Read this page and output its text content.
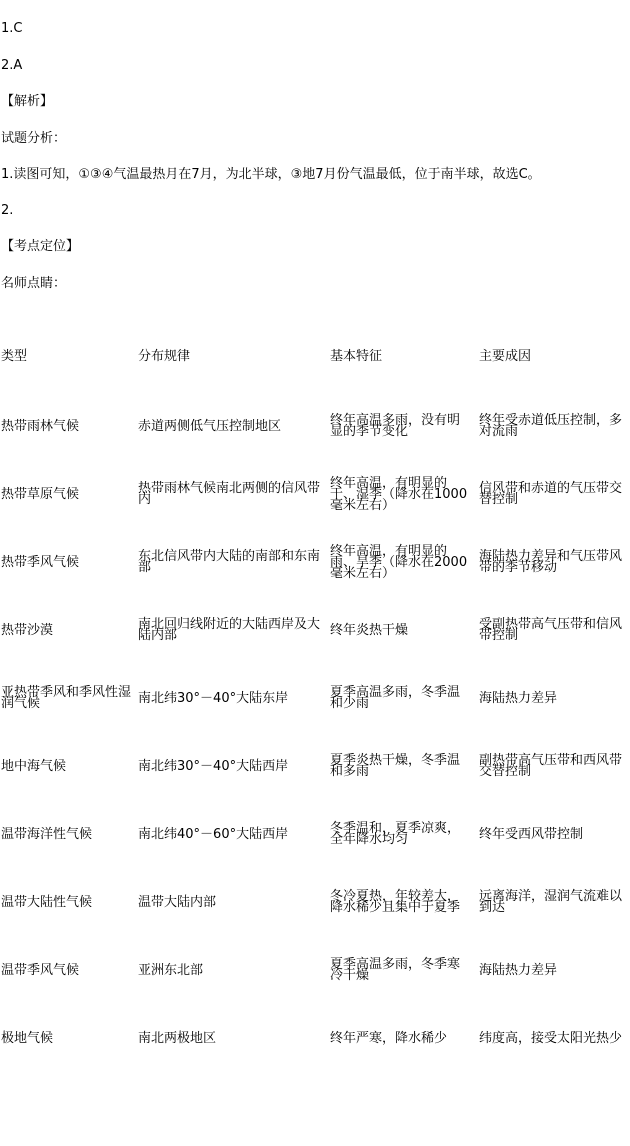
1.C
2.A
【解析】
试题分析：
1.读图可知，①③④气温最热月在7月，为北半球，③地7月份气温最低，位于南半球，故选C。
2.
【考点定位】
名师点睛：
类型	分布规律	基本特征	主要成因
热带雨林气候	赤道两侧低气压控制地区	终年高温多雨，没有明显的季节变化	终年受赤道低压控制，多对流雨
热带草原气候	热带雨林气候南北两侧的信风带内	终年高温，有明显的干、湿季（降水在1000毫米左右）	信风带和赤道的气压带交替控制
热带季风气候	东北信风带内大陆的南部和东南部	终年高温，有明显的雨、旱季（降水在2000毫米左右）	海陆热力差异和气压带风带的季节移动
热带沙漠	南北回归线附近的大陆西岸及大陆内部	终年炎热干燥	受副热带高气压带和信风带控制
亚热带季风和季风性湿润气候	南北纬30°－40°大陆东岸	夏季高温多雨，冬季温和少雨	海陆热力差异
地中海气候	南北纬30°－40°大陆西岸	夏季炎热干燥，冬季温和多雨	副热带高气压带和西风带交替控制
温带海洋性气候	南北纬40°－60°大陆西岸	冬季温和，夏季凉爽，全年降水均匀	终年受西风带控制
温带大陆性气候	温带大陆内部	冬冷夏热，年较差大，降水稀少且集中于夏季	远离海洋，湿润气流难以到达
温带季风气候	亚洲东北部	夏季高温多雨，冬季寒冷干燥	海陆热力差异
极地气候	南北两极地区	终年严寒，降水稀少	纬度高，接受太阳光热少
